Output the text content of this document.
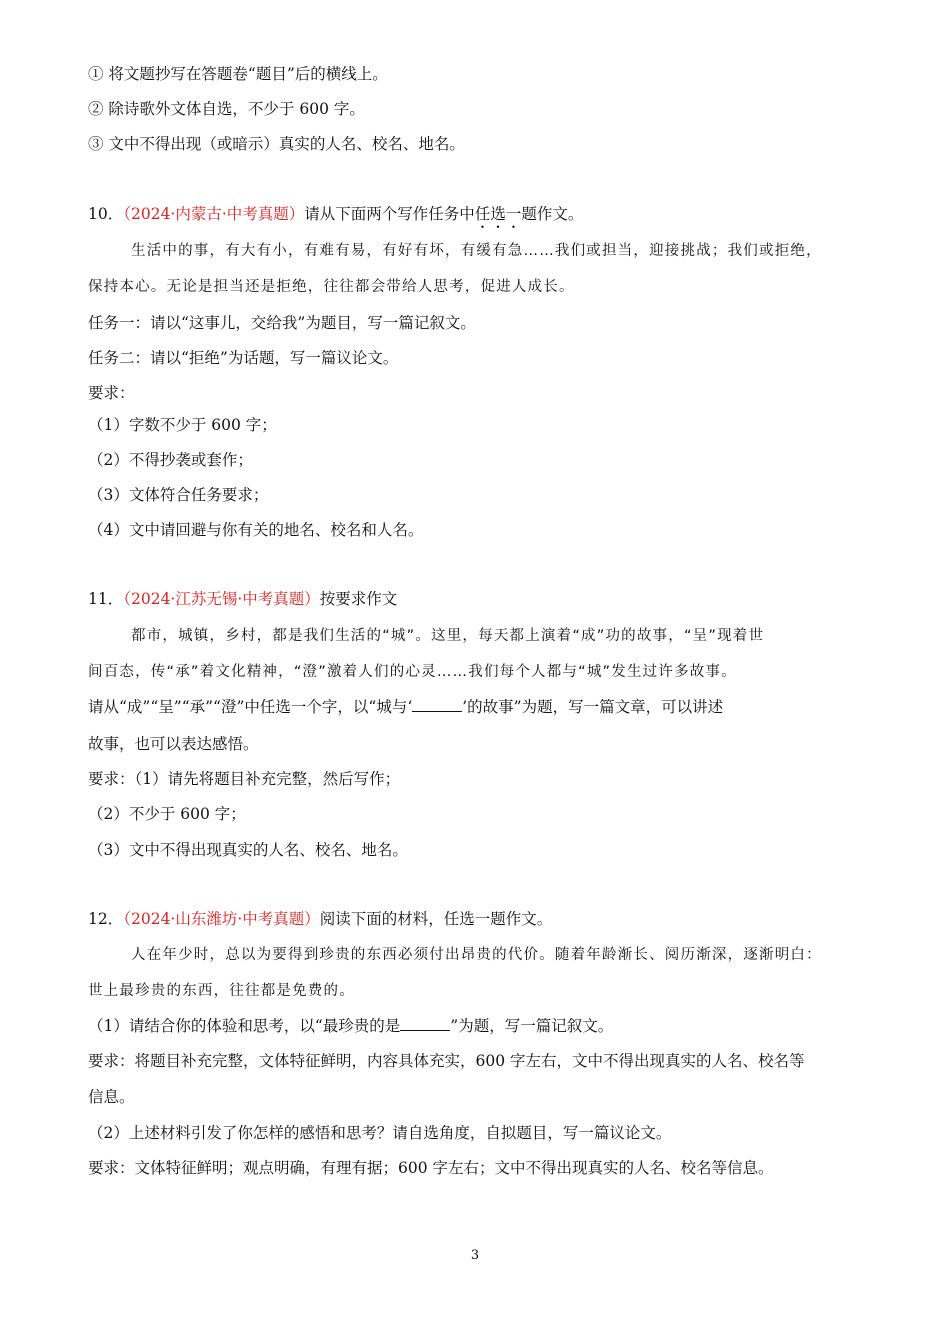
① 将文题抄写在答题卷“题目”后的横线上。
② 除诗歌外文体自选，不少于 600 字。
③ 文中不得出现（或暗示）真实的人名、校名、地名。
10．（2024·内蒙古·中考真题）请从下面两个写作任务中任选一题作文。
生活中的事，有大有小，有难有易，有好有坏，有缓有急……我们或担当，迎接挑战；我们或拒绝，
保持本心。无论是担当还是拒绝，往往都会带给人思考，促进人成长。
任务一：请以“这事儿，交给我”为题目，写一篇记叙文。
任务二：请以“拒绝”为话题，写一篇议论文。
要求：
（1）字数不少于 600 字；
（2）不得抄袭或套作；
（3）文体符合任务要求；
（4）文中请回避与你有关的地名、校名和人名。
11．（2024·江苏无锡·中考真题）按要求作文
都市，城镇，乡村，都是我们生活的“城”。这里，每天都上演着“成”功的故事，“呈”现着世
间百态，传“承”着文化精神，“澄”激着人们的心灵……我们每个人都与“城”发生过许多故事。
请从“成”“呈”“承”“澄”中任选一个字，以“城与‘	’的故事”为题，写一篇文章，可以讲述
故事，也可以表达感悟。
要求：（1）请先将题目补充完整，然后写作；
（2）不少于 600 字；
（3）文中不得出现真实的人名、校名、地名。
12．（2024·山东潍坊·中考真题）阅读下面的材料，任选一题作文。
人在年少时，总以为要得到珍贵的东西必须付出昂贵的代价。随着年龄渐长、阅历渐深，逐渐明白：
世上最珍贵的东西，往往都是免费的。
（1）请结合你的体验和思考，以“最珍贵的是	”为题，写一篇记叙文。
要求：将题目补充完整，文体特征鲜明，内容具体充实，600 字左右，文中不得出现真实的人名、校名等
信息。
（2）上述材料引发了你怎样的感悟和思考？请自选角度，自拟题目，写一篇议论文。
要求：文体特征鲜明；观点明确，有理有据；600 字左右；文中不得出现真实的人名、校名等信息。
3
